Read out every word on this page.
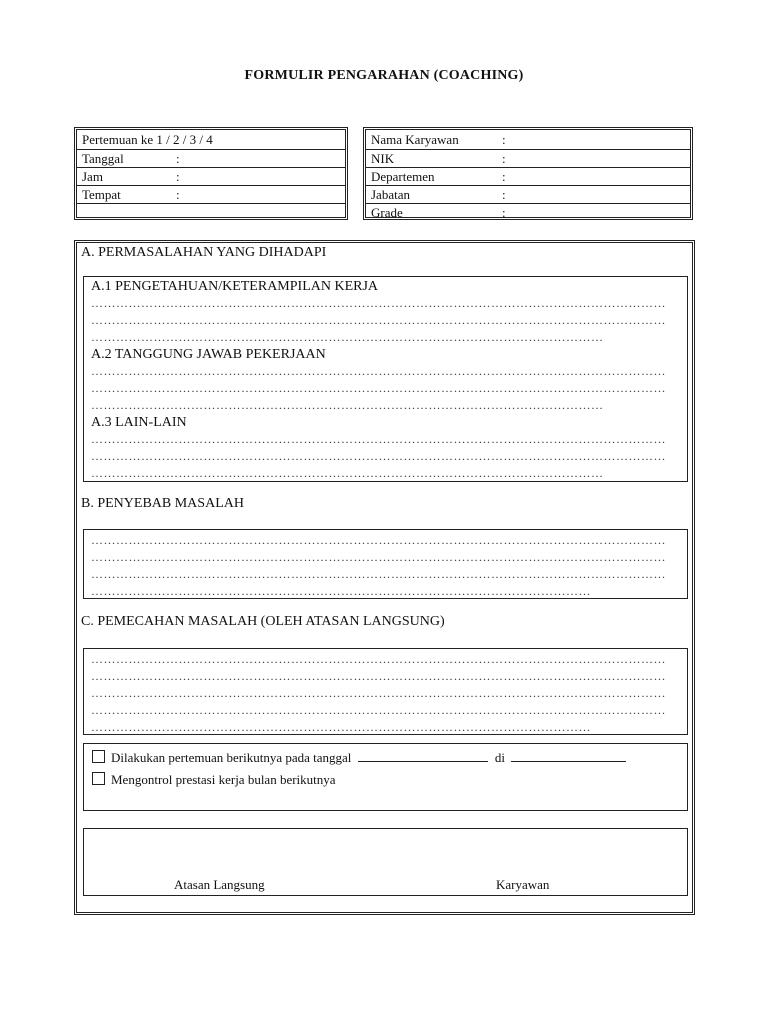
FORMULIR PENGARAHAN (COACHING)
Pertemuan ke 1 / 2 / 3 / 4
Tanggal	:
Jam	:
Tempat	:
Nama Karyawan	:
NIK	:
Departemen	:
Jabatan	:
Grade	:
A. PERMASALAHAN YANG DIHADAPI
A.1 PENGETAHUAN/KETERAMPILAN KERJA
…………………………………………………………………………………………………………………………
…………………………………………………………………………………………………………………………
……………………………………………………………………………………………………………
A.2 TANGGUNG JAWAB PEKERJAAN
…………………………………………………………………………………………………………………………
…………………………………………………………………………………………………………………………
……………………………………………………………………………………………………………
A.3 LAIN-LAIN
…………………………………………………………………………………………………………………………
…………………………………………………………………………………………………………………………
……………………………………………………………………………………………………………
B. PENYEBAB MASALAH
…………………………………………………………………………………………………………………………
…………………………………………………………………………………………………………………………
…………………………………………………………………………………………………………………………
…………………………………………………………………………………………………………
C. PEMECAHAN MASALAH (OLEH ATASAN LANGSUNG)
…………………………………………………………………………………………………………………………
…………………………………………………………………………………………………………………………
…………………………………………………………………………………………………………………………
…………………………………………………………………………………………………………………………
…………………………………………………………………………………………………………
Dilakukan pertemuan berikutnya pada tanggal	di
Mengontrol prestasi kerja bulan berikutnya
Atasan Langsung	Karyawan
